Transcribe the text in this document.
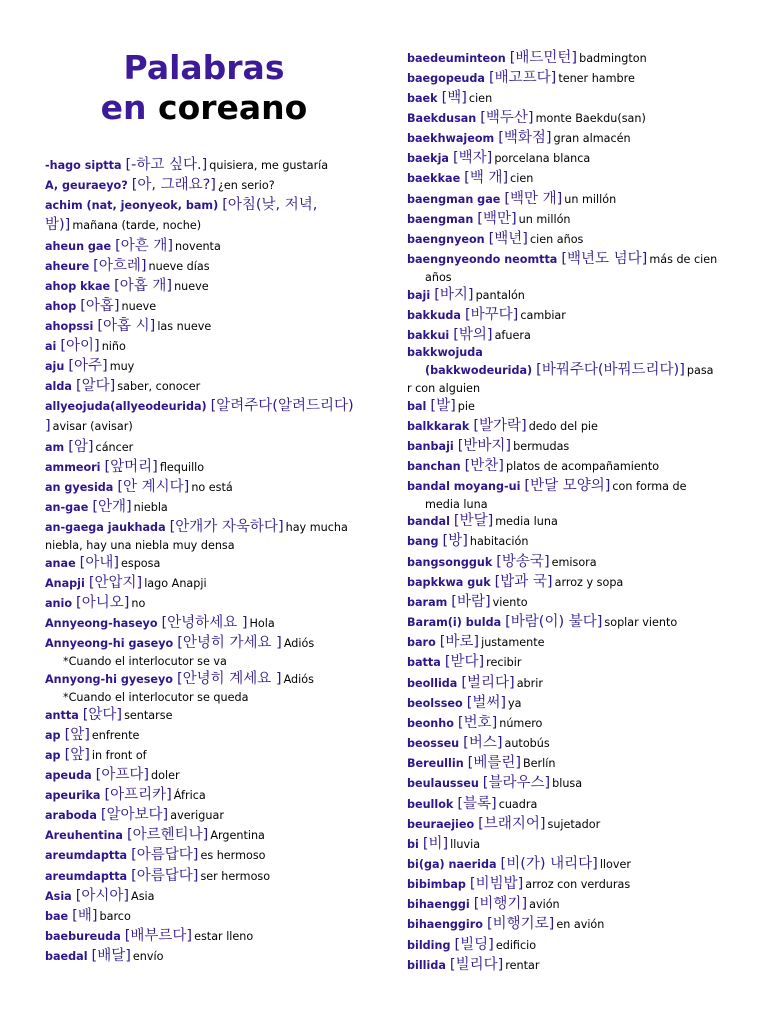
Palabras
en coreano
-hago siptta [-하고 싶다.] quisiera, me gustaría
A, geuraeyo? [아, 그래요?] ¿en serio?
achim (nat, jeonyeok, bam) [아침(낮, 저녁,
밤)] mañana (tarde, noche)
aheun gae [아흔 개] noventa
aheure [아흐레] nueve días
ahop kkae [아홉 개] nueve
ahop [아홉] nueve
ahopssi [아홉 시] las nueve
ai [아이] niño
aju [아주] muy
alda [알다] saber, conocer
allyeojuda(allyeodeurida) [알려주다(알려드리다)
] avisar (avisar)
am [암] cáncer
ammeori [앞머리] flequillo
an gyesida [안 계시다] no está
an-gae [안개] niebla
an-gaega jaukhada [안개가 자욱하다] hay mucha
niebla, hay una niebla muy densa
anae [아내] esposa
Anapji [안압지] lago Anapji
anio [아니오] no
Annyeong-haseyo [안녕하세요 ] Hola
Annyeong-hi gaseyo [안녕히 가세요 ] Adiós
*Cuando el interlocutor se va
Annyong-hi gyeseyo [안녕히 계세요 ] Adiós
*Cuando el interlocutor se queda
antta [앉다] sentarse
ap [앞] enfrente
ap [앞] in front of
apeuda [아프다] doler
apeurika [아프리카] África
araboda [알아보다] averiguar
Areuhentina [아르헨티나] Argentina
areumdaptta [아름답다] es hermoso
areumdaptta [아름답다] ser hermoso
Asia [아시아] Asia
bae [배] barco
baebureuda [배부르다] estar lleno
baedal [배달] envío
baedeuminteon [배드민턴] badmington
baegopeuda [배고프다] tener hambre
baek [백] cien
Baekdusan [백두산] monte Baekdu(san)
baekhwajeom [백화점] gran almacén
baekja [백자] porcelana blanca
baekkae [백 개] cien
baengman gae [백만 개] un millón
baengman [백만] un millón
baengnyeon [백년] cien años
baengnyeondo neomtta [백년도 넘다] más de cien
años
baji [바지] pantalón
bakkuda [바꾸다] cambiar
bakkui [밖의] afuera
bakkwojuda
(bakkwodeurida) [바꿔주다(바꿔드리다)] pasa
r con alguien
bal [발] pie
balkkarak [발가락] dedo del pie
banbaji [반바지] bermudas
banchan [반찬] platos de acompañamiento
bandal moyang-ui [반달 모양의] con forma de
media luna
bandal [반달] media luna
bang [방] habitación
bangsongguk [방송국] emisora
bapkkwa guk [밥과 국] arroz y sopa
baram [바람] viento
Baram(i) bulda [바람(이) 불다] soplar viento
baro [바로] justamente
batta [받다] recibir
beollida [벌리다] abrir
beolsseo [벌써] ya
beonho [번호] número
beosseu [버스] autobús
Bereullin [베를린] Berlín
beulausseu [블라우스] blusa
beullok [블록] cuadra
beuraejieo [브래지어] sujetador
bi [비] lluvia
bi(ga) naerida [비(가) 내리다] llover
bibimbap [비빔밥] arroz con verduras
bihaenggi [비행기] avión
bihaenggiro [비행기로] en avión
bilding [빌딩] edificio
billida [빌리다] rentar
